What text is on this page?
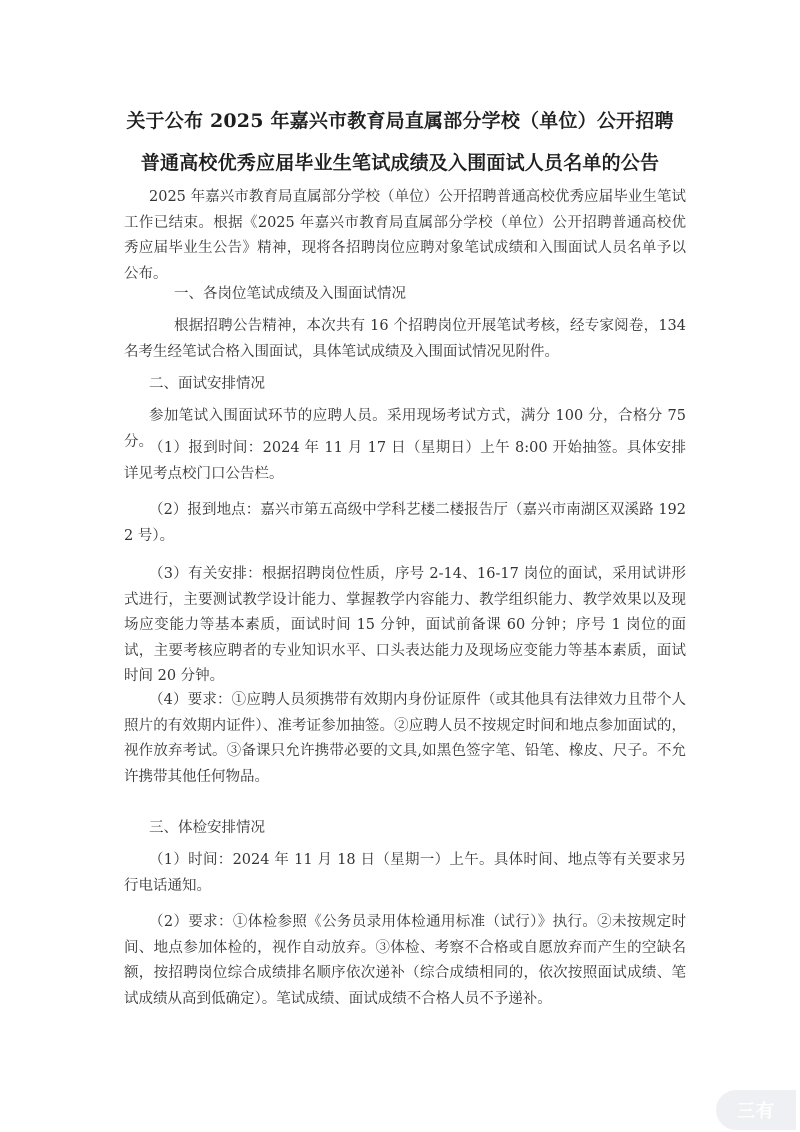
关于公布 2025 年嘉兴市教育局直属部分学校（单位）公开招聘
普通高校优秀应届毕业生笔试成绩及入围面试人员名单的公告
2025 年嘉兴市教育局直属部分学校（单位）公开招聘普通高校优秀应届毕业生笔试工作已结束。根据《2025 年嘉兴市教育局直属部分学校（单位）公开招聘普通高校优秀应届毕业生公告》精神，现将各招聘岗位应聘对象笔试成绩和入围面试人员名单予以公布。
一、各岗位笔试成绩及入围面试情况
根据招聘公告精神，本次共有 16 个招聘岗位开展笔试考核，经专家阅卷，134 名考生经笔试合格入围面试，具体笔试成绩及入围面试情况见附件。
二、面试安排情况
参加笔试入围面试环节的应聘人员。采用现场考试方式，满分 100 分，合格分 75 分。
（1）报到时间：2024 年 11 月 17 日（星期日）上午 8:00 开始抽签。具体安排详见考点校门口公告栏。
（2）报到地点：嘉兴市第五高级中学科艺楼二楼报告厅（嘉兴市南湖区双溪路 1922 号）。
（3）有关安排：根据招聘岗位性质，序号 2-14、16-17 岗位的面试，采用试讲形式进行，主要测试教学设计能力、掌握教学内容能力、教学组织能力、教学效果以及现场应变能力等基本素质，面试时间 15 分钟，面试前备课 60 分钟；序号 1 岗位的面试，主要考核应聘者的专业知识水平、口头表达能力及现场应变能力等基本素质，面试时间 20 分钟。
（4）要求：①应聘人员须携带有效期内身份证原件（或其他具有法律效力且带个人照片的有效期内证件）、准考证参加抽签。②应聘人员不按规定时间和地点参加面试的，视作放弃考试。③备课只允许携带必要的文具,如黑色签字笔、铅笔、橡皮、尺子。不允许携带其他任何物品。
三、体检安排情况
（1）时间：2024 年 11 月 18 日（星期一）上午。具体时间、地点等有关要求另行电话通知。
（2）要求：①体检参照《公务员录用体检通用标准（试行）》执行。②未按规定时间、地点参加体检的，视作自动放弃。③体检、考察不合格或自愿放弃而产生的空缺名额，按招聘岗位综合成绩排名顺序依次递补（综合成绩相同的，依次按照面试成绩、笔试成绩从高到低确定）。笔试成绩、面试成绩不合格人员不予递补。
三有
